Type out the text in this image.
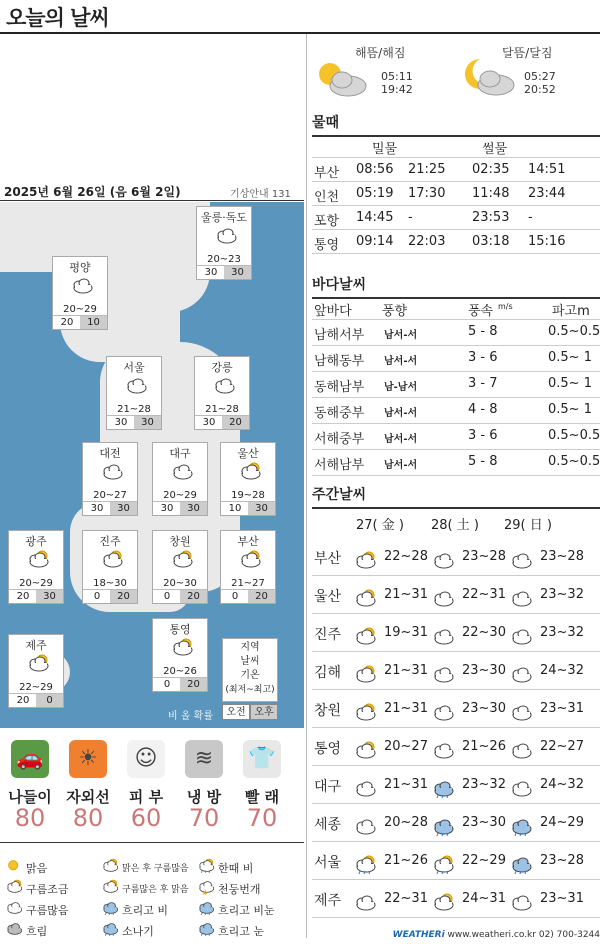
오늘의 날씨
해뜸/해짐
05:11
19:42
달뜸/달짐
05:27
20:52
물때
밀물	썰물
부산 08:56 21:25 02:35 14:51
인천 05:19 17:30 11:48 23:44
포항 14:45 -	23:53 -
통영 09:14 22:03 03:18 15:16
바다날씨
앞바다 풍향	풍속 m/s	파고m
남해서부 남서-서	5 - 8	0.5~0.5
남해동부 남서-서	3 - 6	0.5~ 1
동해남부 남-남서	3 - 7	0.5~ 1
동해중부 남서-서	4 - 8	0.5~ 1
서해중부 남서-서	3 - 6	0.5~0.5
서해남부 남서-서	5 - 8	0.5~0.5
주간날씨
27( 金 ) 28( 土 ) 29( 日 )
부산	22~28	23~28	23~28
울산	21~31	22~31	23~32
진주	19~31	22~30	23~32
김해	21~31	23~30	24~32
창원	21~31	23~30	23~31
통영	20~27	21~26	22~27
대구	21~31	23~32	24~32
세종	20~28	23~30	24~29
서울	21~26	22~29	23~28
제주	22~31	24~31	23~31
2025년 6월 26일 (음 6월 2일)	기상안내 131
울릉·독도
20~23
30	30
평양
20~29
20	10
서울
21~28
30	30
강릉
21~28
30	20
대전
20~27
30	30
대구
20~29
30	30
울산
19~28
10	30
광주
20~29
20	30
진주
18~30
0	20
창원
20~30
0	20
부산
21~27
0	20
통영
20~26
0	20
제주
22~29
20	0
지역
날씨
기온
(최저~최고)
오전 오후
비 올 확률
🚗
나들이
80
☀
자외선
80
☺
피 부
60
≋
냉 방
70
👕
빨 래
70
맑음
구름조금
구름많음
흐림
맑은 후 구름많음
구름많은 후 맑음
흐리고 비
소나기
한때 비
천둥번개
흐리고 비눈
흐리고 눈	WEATHERi www.weatheri.co.kr 02) 700-3244
